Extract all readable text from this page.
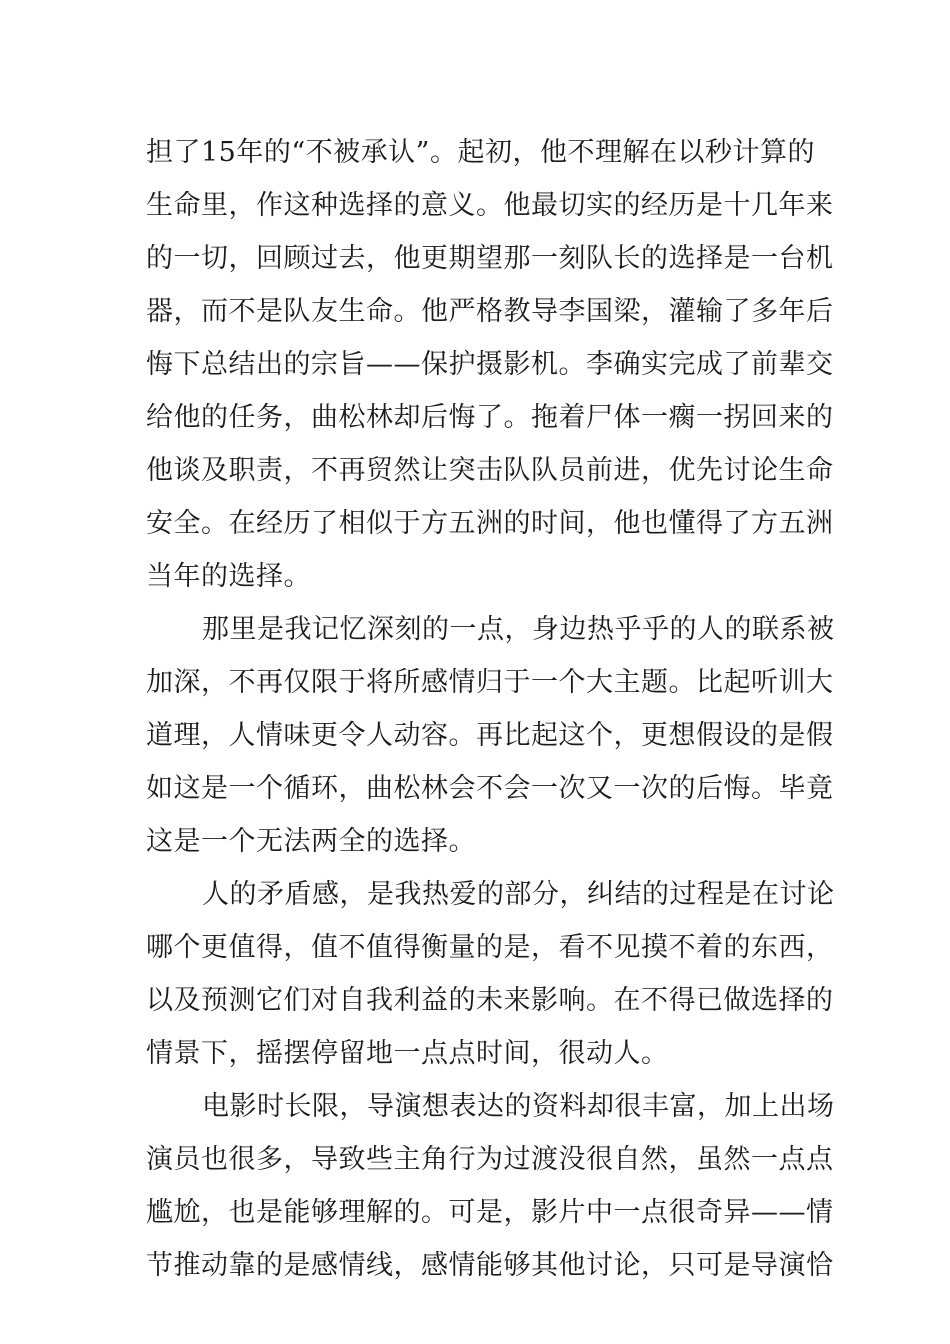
担了15年的“不被承认”。起初，他不理解在以秒计算的
生命里，作这种选择的意义。他最切实的经历是十几年来
的一切，回顾过去，他更期望那一刻队长的选择是一台机
器，而不是队友生命。他严格教导李国梁，灌输了多年后
悔下总结出的宗旨——保护摄影机。李确实完成了前辈交
给他的任务，曲松林却后悔了。拖着尸体一瘸一拐回来的
他谈及职责，不再贸然让突击队队员前进，优先讨论生命
安全。在经历了相似于方五洲的时间，他也懂得了方五洲
当年的选择。
那里是我记忆深刻的一点，身边热乎乎的人的联系被
加深，不再仅限于将所感情归于一个大主题。比起听训大
道理，人情味更令人动容。再比起这个，更想假设的是假
如这是一个循环，曲松林会不会一次又一次的后悔。毕竟
这是一个无法两全的选择。
人的矛盾感，是我热爱的部分，纠结的过程是在讨论
哪个更值得，值不值得衡量的是，看不见摸不着的东西，
以及预测它们对自我利益的未来影响。在不得已做选择的
情景下，摇摆停留地一点点时间，很动人。
电影时长限，导演想表达的资料却很丰富，加上出场
演员也很多，导致些主角行为过渡没很自然，虽然一点点
尴尬，也是能够理解的。可是，影片中一点很奇异——情
节推动靠的是感情线，感情能够其他讨论，只可是导演恰
